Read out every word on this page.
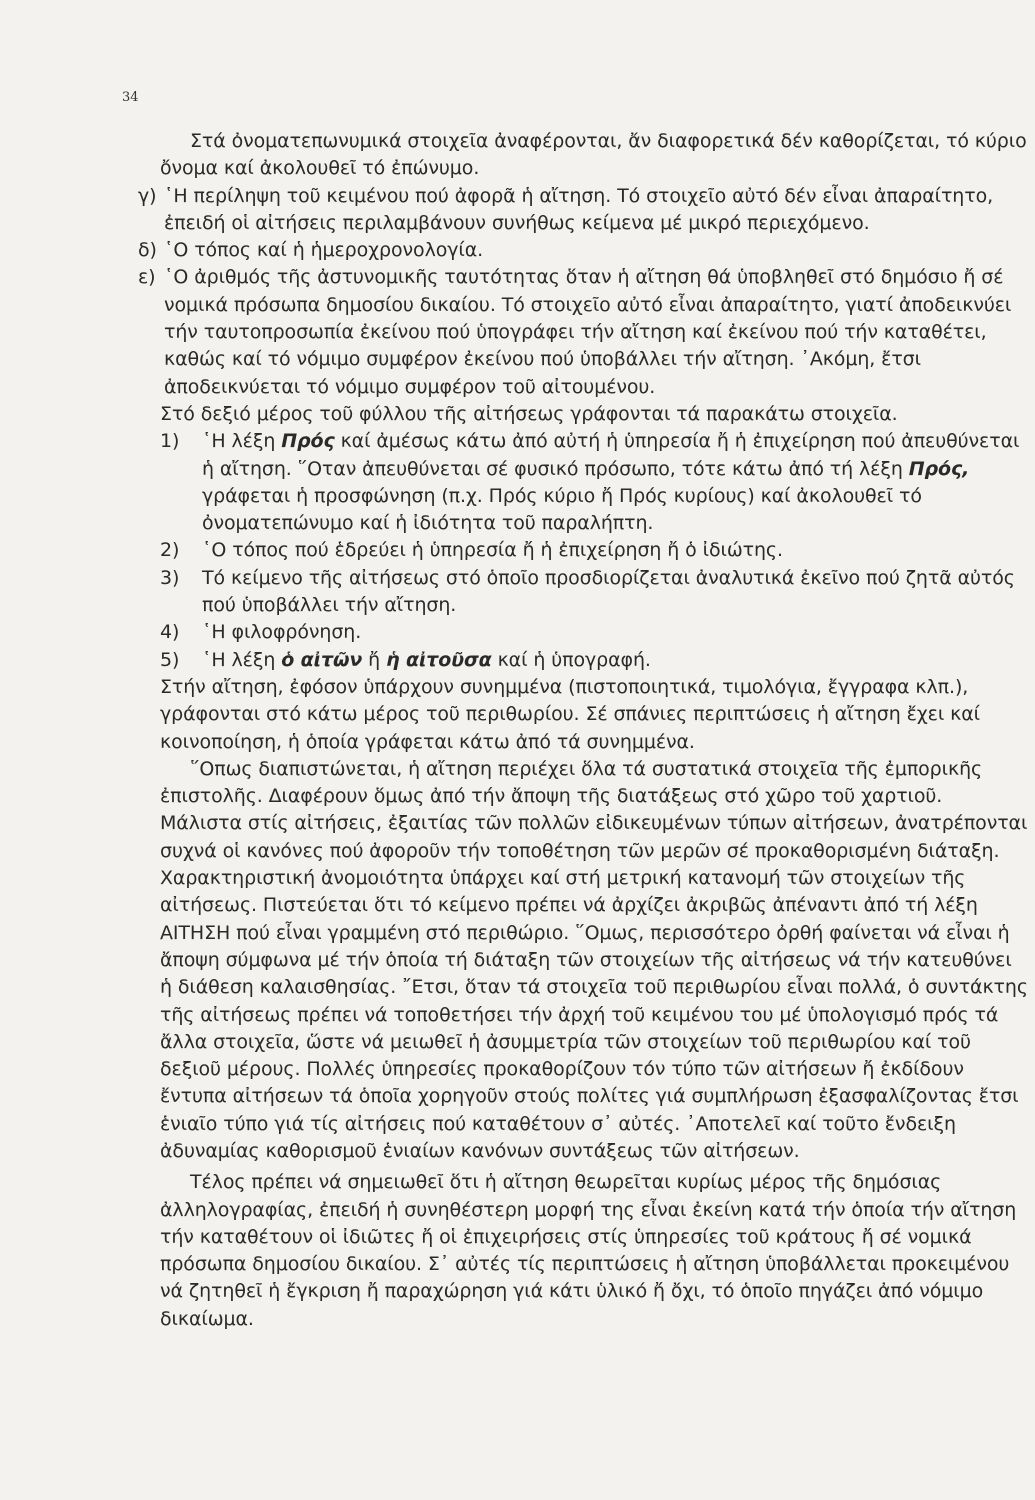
34

Στά ὀνοματεπωνυμικά στοιχεῖα ἀναφέρονται, ἄν διαφορετικά δέν καθορίζεται, τό κύριο ὄνομα καί ἀκολουθεῖ τό ἐπώνυμο.

γ) ῾Η περίληψη τοῦ κειμένου πού ἀφορᾶ ἡ αἴτηση. Τό στοιχεῖο αὐτό δέν εἶναι ἀπαραίτητο, ἐπειδή οἱ αἰτήσεις περιλαμβάνουν συνήθως κείμενα μέ μικρό περιεχόμενο.
δ) ῾Ο τόπος καί ἡ ἡμεροχρονολογία.
ε) ῾Ο ἀριθμός τῆς ἀστυνομικῆς ταυτότητας ὅταν ἡ αἴτηση θά ὑποβληθεῖ στό δημόσιο ἤ σέ νομικά πρόσωπα δημοσίου δικαίου. Τό στοιχεῖο αὐτό εἶναι ἀπαραίτητο, γιατί ἀποδεικνύει τήν ταυτοπροσωπία ἐκείνου πού ὑπογράφει τήν αἴτηση καί ἐκείνου πού τήν καταθέτει, καθώς καί τό νόμιμο συμφέρον ἐκείνου πού ὑποβάλλει τήν αἴτηση. ᾿Ακόμη, ἔτσι ἀποδεικνύεται τό νόμιμο συμφέρον τοῦ αἰτουμένου.

Στό δεξιό μέρος τοῦ φύλλου τῆς αἰτήσεως γράφονται τά παρακάτω στοιχεῖα.

1)	῾Η λέξη Πρός καί ἀμέσως κάτω ἀπό αὐτή ἡ ὑπηρεσία ἤ ἡ ἐπιχείρηση πού ἀπευθύνεται ἡ αἴτηση. ῞Οταν ἀπευθύνεται σέ φυσικό πρόσωπο, τότε κάτω ἀπό τή λέξη Πρός, γράφεται ἡ προσφώνηση (π.χ. Πρός κύριο ἤ Πρός κυρίους) καί ἀκολουθεῖ τό ὀνοματεπώνυμο καί ἡ ἰδιότητα τοῦ παραλήπτη.
2)	῾Ο τόπος πού ἑδρεύει ἡ ὑπηρεσία ἤ ἡ ἐπιχείρηση ἤ ὁ ἰδιώτης.
3)	Τό κείμενο τῆς αἰτήσεως στό ὁποῖο προσδιορίζεται ἀναλυτικά ἐκεῖνο πού ζητᾶ αὐτός πού ὑποβάλλει τήν αἴτηση.
4)	῾Η φιλοφρόνηση.
5)	῾Η λέξη ὁ αἰτῶν ἤ ἡ αἰτοῦσα καί ἡ ὑπογραφή.

Στήν αἴτηση, ἐφόσον ὑπάρχουν συνημμένα (πιστοποιητικά, τιμολόγια, ἔγγραφα κλπ.), γράφονται στό κάτω μέρος τοῦ περιθωρίου. Σέ σπάνιες περιπτώσεις ἡ αἴτηση ἔχει καί κοινοποίηση, ἡ ὁποία γράφεται κάτω ἀπό τά συνημμένα.

῞Οπως διαπιστώνεται, ἡ αἴτηση περιέχει ὅλα τά συστατικά στοιχεῖα τῆς ἐμπορικῆς ἐπιστολῆς. Διαφέρουν ὅμως ἀπό τήν ἄποψη τῆς διατάξεως στό χῶρο τοῦ χαρτιοῦ. Μάλιστα στίς αἰτήσεις, ἐξαιτίας τῶν πολλῶν εἰδικευμένων τύπων αἰτήσεων, ἀνατρέπονται συχνά οἱ κανόνες πού ἀφοροῦν τήν τοποθέτηση τῶν μερῶν σέ προκαθορισμένη διάταξη. Χαρακτηριστική ἀνομοιότητα ὑπάρχει καί στή μετρική κατανομή τῶν στοιχείων τῆς αἰτήσεως. Πιστεύεται ὅτι τό κείμενο πρέπει νά ἀρχίζει ἀκριβῶς ἀπέναντι ἀπό τή λέξη ΑΙΤΗΣΗ πού εἶναι γραμμένη στό περιθώριο. ῞Ομως, περισσότερο ὀρθή φαίνεται νά εἶναι ἡ ἄποψη σύμφωνα μέ τήν ὁποία τή διάταξη τῶν στοιχείων τῆς αἰτήσεως νά τήν κατευθύνει ἡ διάθεση καλαισθησίας. ῎Ετσι, ὅταν τά στοιχεῖα τοῦ περιθωρίου εἶναι πολλά, ὁ συντάκτης τῆς αἰτήσεως πρέπει νά τοποθετήσει τήν ἀρχή τοῦ κειμένου του μέ ὑπολογισμό πρός τά ἄλλα στοιχεῖα, ὥστε νά μειωθεῖ ἡ ἀσυμμετρία τῶν στοιχείων τοῦ περιθωρίου καί τοῦ δεξιοῦ μέρους. Πολλές ὑπηρεσίες προκαθορίζουν τόν τύπο τῶν αἰτήσεων ἤ ἐκδίδουν ἔντυπα αἰτήσεων τά ὁποῖα χορηγοῦν στούς πολίτες γιά συμπλήρωση ἐξασφαλίζοντας ἔτσι ἑνιαῖο τύπο γιά τίς αἰτήσεις πού καταθέτουν σ᾿ αὐτές. ᾿Αποτελεῖ καί τοῦτο ἔνδειξη ἀδυναμίας καθορισμοῦ ἑνιαίων κανόνων συντάξεως τῶν αἰτήσεων.

Τέλος πρέπει νά σημειωθεῖ ὅτι ἡ αἴτηση θεωρεῖται κυρίως μέρος τῆς δημόσιας ἀλληλογραφίας, ἐπειδή ἡ συνηθέστερη μορφή της εἶναι ἐκείνη κατά τήν ὁποία τήν αἴτηση τήν καταθέτουν οἱ ἰδιῶτες ἤ οἱ ἐπιχειρήσεις στίς ὑπηρεσίες τοῦ κράτους ἤ σέ νομικά πρόσωπα δημοσίου δικαίου. Σ᾿ αὐτές τίς περιπτώσεις ἡ αἴτηση ὑποβάλλεται προκειμένου νά ζητηθεῖ ἡ ἔγκριση ἤ παραχώρηση γιά κάτι ὑλικό ἤ ὄχι, τό ὁποῖο πηγάζει ἀπό νόμιμο δικαίωμα.
